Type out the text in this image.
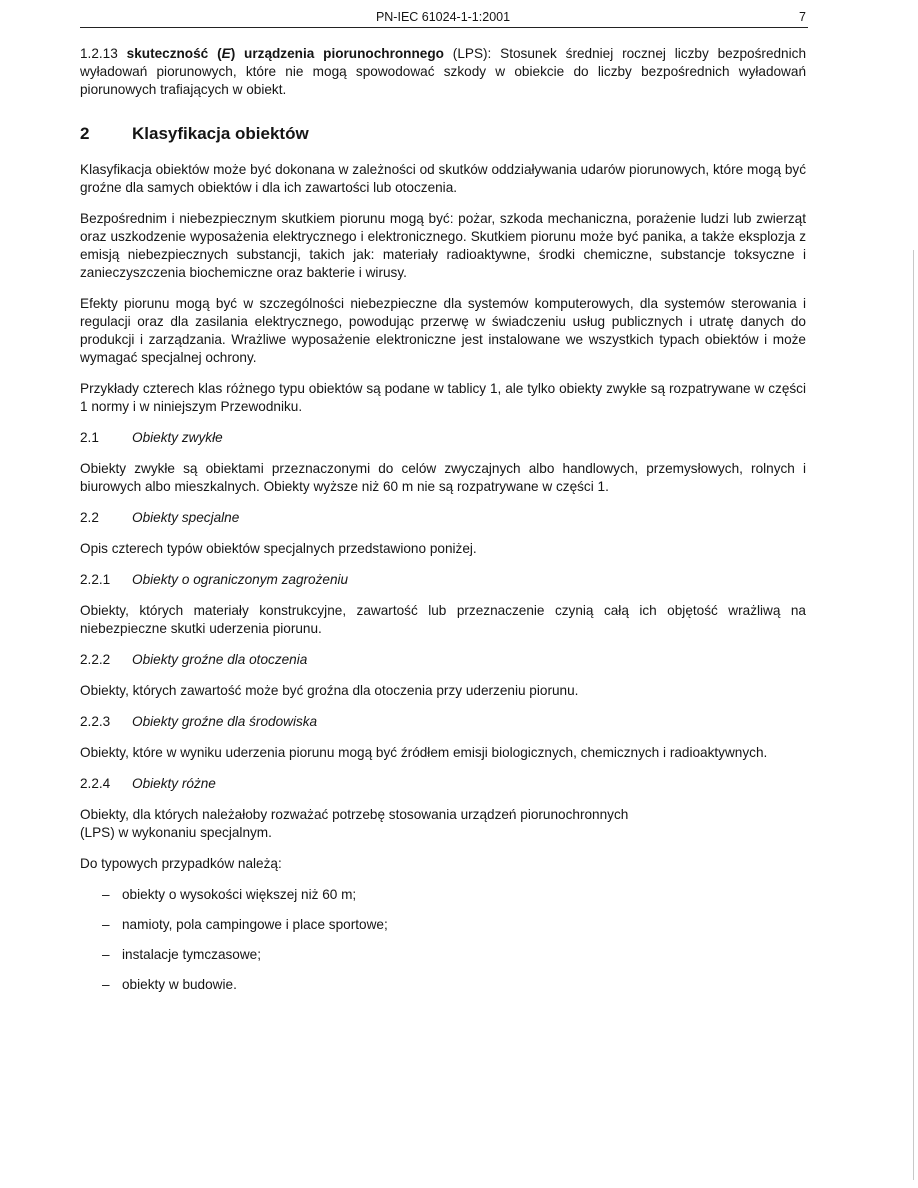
PN-IEC 61024-1-1:2001	7

1.2.13 skuteczność (E) urządzenia piorunochronnego (LPS): Stosunek średniej rocznej liczby bezpośrednich wyładowań piorunowych, które nie mogą spowodować szkody w obiekcie do liczby bezpośrednich wyładowań piorunowych trafiających w obiekt.

2	Klasyfikacja obiektów

Klasyfikacja obiektów może być dokonana w zależności od skutków oddziaływania udarów piorunowych, które mogą być groźne dla samych obiektów i dla ich zawartości lub otoczenia.

Bezpośrednim i niebezpiecznym skutkiem piorunu mogą być: pożar, szkoda mechaniczna, porażenie ludzi lub zwierząt oraz uszkodzenie wyposażenia elektrycznego i elektronicznego. Skutkiem piorunu może być panika, a także eksplozja z emisją niebezpiecznych substancji, takich jak: materiały radioaktywne, środki chemiczne, substancje toksyczne i zanieczyszczenia biochemiczne oraz bakterie i wirusy.

Efekty piorunu mogą być w szczególności niebezpieczne dla systemów komputerowych, dla systemów sterowania i regulacji oraz dla zasilania elektrycznego, powodując przerwę w świadczeniu usług publicznych i utratę danych do produkcji i zarządzania. Wrażliwe wyposażenie elektroniczne jest instalowane we wszystkich typach obiektów i może wymagać specjalnej ochrony.

Przykłady czterech klas różnego typu obiektów są podane w tablicy 1, ale tylko obiekty zwykłe są rozpatrywane w części 1 normy i w niniejszym Przewodniku.

2.1 Obiekty zwykłe

Obiekty zwykłe są obiektami przeznaczonymi do celów zwyczajnych albo handlowych, przemysłowych, rolnych i biurowych albo mieszkalnych. Obiekty wyższe niż 60 m nie są rozpatrywane w części 1.

2.2 Obiekty specjalne

Opis czterech typów obiektów specjalnych przedstawiono poniżej.

2.2.1 Obiekty o ograniczonym zagrożeniu

Obiekty, których materiały konstrukcyjne, zawartość lub przeznaczenie czynią całą ich objętość wrażliwą na niebezpieczne skutki uderzenia piorunu.

2.2.2 Obiekty groźne dla otoczenia

Obiekty, których zawartość może być groźna dla otoczenia przy uderzeniu piorunu.

2.2.3 Obiekty groźne dla środowiska

Obiekty, które w wyniku uderzenia piorunu mogą być źródłem emisji biologicznych, chemicznych i radioaktywnych.

2.2.4 Obiekty różne

Obiekty, dla których należałoby rozważać potrzebę stosowania urządzeń piorunochronnych
(LPS) w wykonaniu specjalnym.

Do typowych przypadków należą:

– obiekty o wysokości większej niż 60 m;
– namioty, pola campingowe i place sportowe;
– instalacje tymczasowe;
– obiekty w budowie.
